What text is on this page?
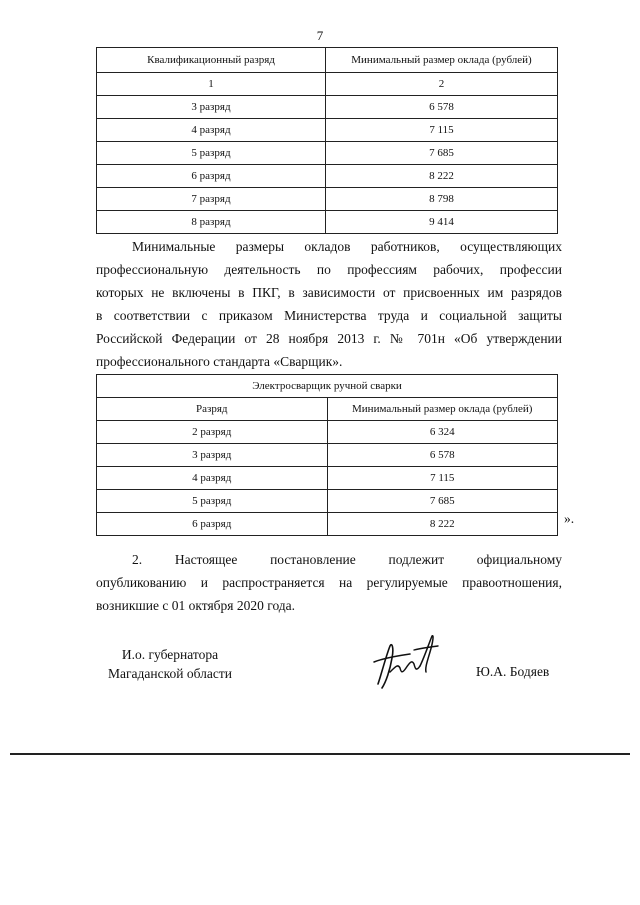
7
Квалификационный разряд	Минимальный размер оклада (рублей)
1	2
3 разряд	6 578
4 разряд	7 115
5 разряд	7 685
6 разряд	8 222
7 разряд	8 798
8 разряд	9 414
Минимальные размеры окладов работников, осуществляющих
профессиональную деятельность по профессиям рабочих, профессии
которых не включены в ПКГ, в зависимости от присвоенных им разрядов
в соответствии с приказом Министерства труда и социальной защиты
Российской Федерации от 28 ноября 2013 г. № 701н «Об утверждении
профессионального стандарта «Сварщик».
Электросварщик ручной сварки	
Разряд	Минимальный размер оклада (рублей)
2 разряд	6 324
3 разряд	6 578
4 разряд	7 115
5 разряд	7 685
6 разряд	8 222	».
2. Настоящее постановление подлежит официальному
опубликованию и распространяется на регулируемые правоотношения,
возникшие с 01 октября 2020 года.
И.о. губернатора
Магаданской области	Ю.А. Бодяев
